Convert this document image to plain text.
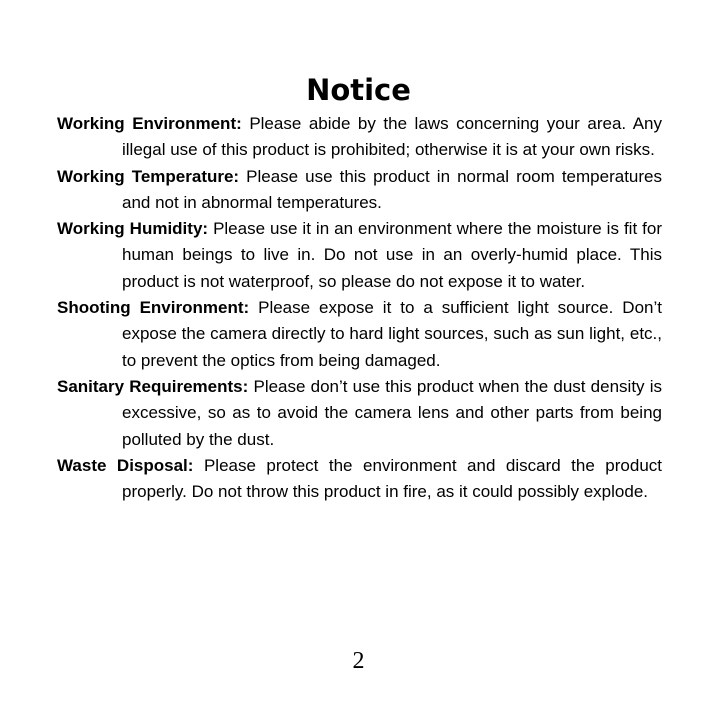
Notice

Working Environment: Please abide by the laws concerning your area. Any illegal use of this product is prohibited; otherwise it is at your own risks.

Working Temperature: Please use this product in normal room temperatures and not in abnormal temperatures.

Working Humidity: Please use it in an environment where the moisture is fit for human beings to live in. Do not use in an overly-humid place. This product is not waterproof, so please do not expose it to water.

Shooting Environment: Please expose it to a sufficient light source. Don’t expose the camera directly to hard light sources, such as sun light, etc., to prevent the optics from being damaged.

Sanitary Requirements: Please don’t use this product when the dust density is excessive, so as to avoid the camera lens and other parts from being polluted by the dust.

Waste Disposal: Please protect the environment and discard the product properly. Do not throw this product in fire, as it could possibly explode.

2
